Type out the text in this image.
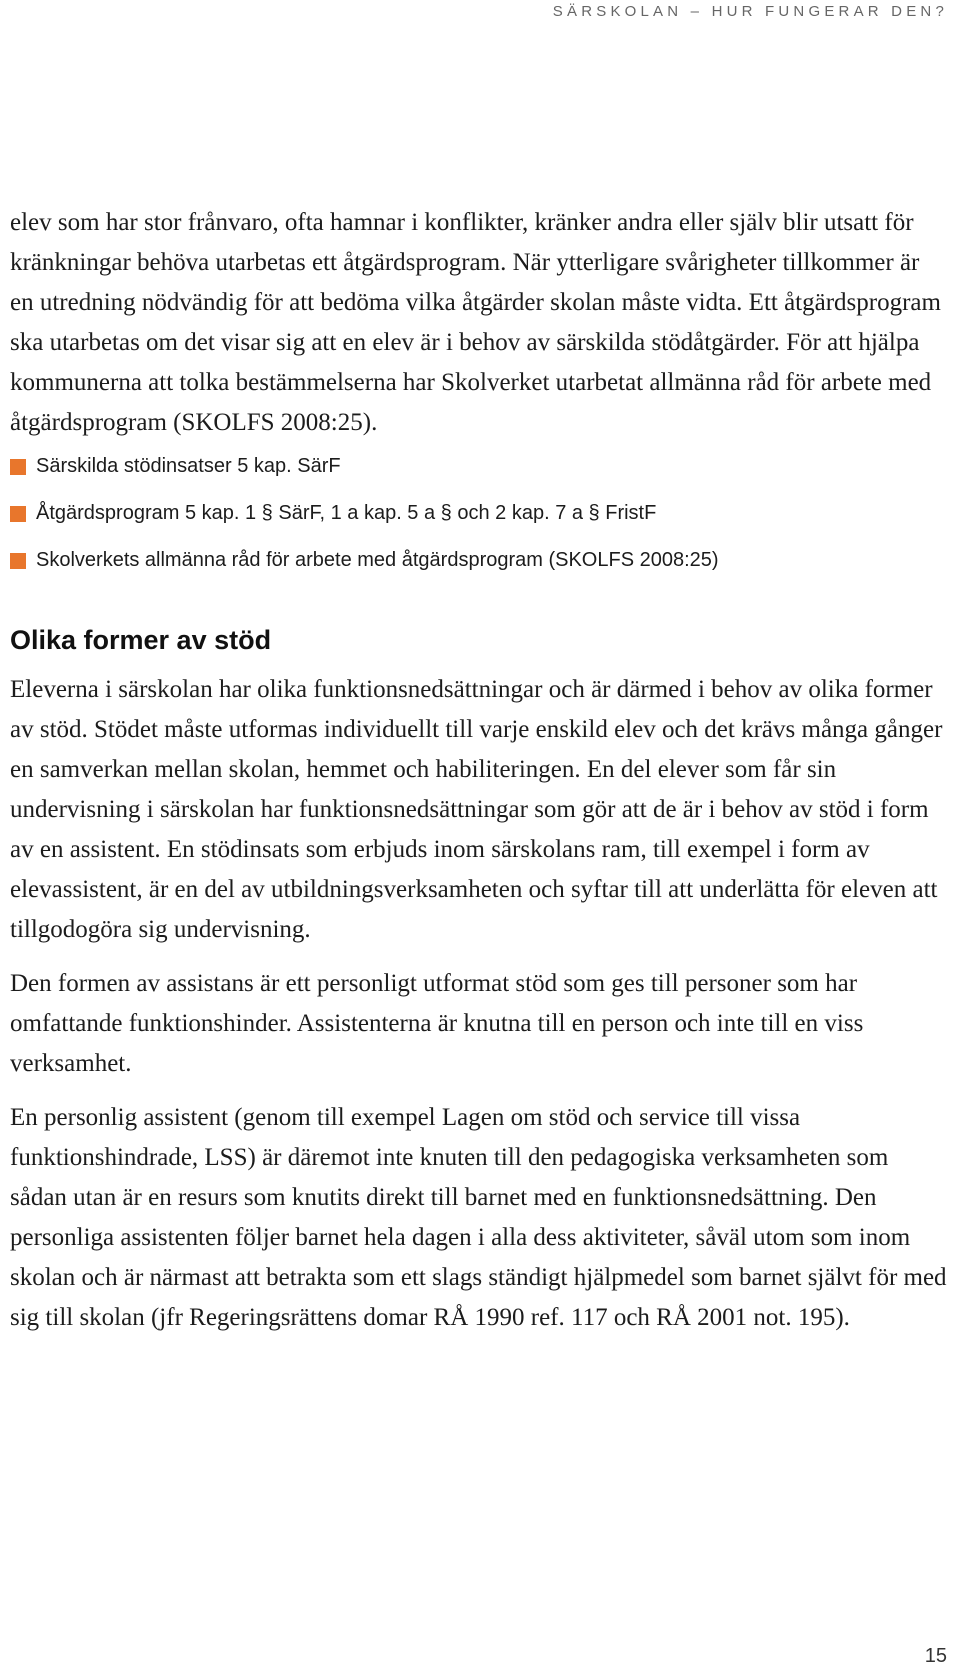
SÄRSKOLAN – HUR FUNGERAR DEN?

elev som har stor frånvaro, ofta hamnar i konflikter, kränker andra eller själv blir utsatt för kränkningar behöva utarbetas ett åtgärdsprogram. När ytterligare svårigheter tillkommer är en utredning nödvändig för att bedöma vilka åtgärder skolan måste vidta. Ett åtgärdsprogram ska utarbetas om det visar sig att en elev är i behov av särskilda stödåtgärder. För att hjälpa kommunerna att tolka bestämmelserna har Skolverket utarbetat allmänna råd för arbete med åtgärdsprogram (SKOLFS 2008:25).

Särskilda stödinsatser 5 kap. SärF
Åtgärdsprogram 5 kap. 1 § SärF, 1 a kap. 5 a § och 2 kap. 7 a § FristF
Skolverkets allmänna råd för arbete med åtgärdsprogram (SKOLFS 2008:25)
Olika former av stöd

Eleverna i särskolan har olika funktionsnedsättningar och är därmed i behov av olika former av stöd. Stödet måste utformas individuellt till varje enskild elev och det krävs många gånger en samverkan mellan skolan, hemmet och habiliteringen. En del elever som får sin undervisning i särskolan har funktionsnedsättningar som gör att de är i behov av stöd i form av en assistent. En stödinsats som erbjuds inom särskolans ram, till exempel i form av elevassistent, är en del av utbildningsverksamheten och syftar till att underlätta för eleven att tillgodogöra sig undervisning.

Den formen av assistans är ett personligt utformat stöd som ges till personer som har omfattande funktionshinder. Assistenterna är knutna till en person och inte till en viss verksamhet.

En personlig assistent (genom till exempel Lagen om stöd och service till vissa funktionshindrade, LSS) är däremot inte knuten till den pedagogiska verksamheten som sådan utan är en resurs som knutits direkt till barnet med en funktionsnedsättning. Den personliga assistenten följer barnet hela dagen i alla dess aktiviteter, såväl utom som inom skolan och är närmast att betrakta som ett slags ständigt hjälpmedel som barnet självt för med sig till skolan (jfr Regeringsrättens domar RÅ 1990 ref. 117 och RÅ 2001 not. 195).

15
